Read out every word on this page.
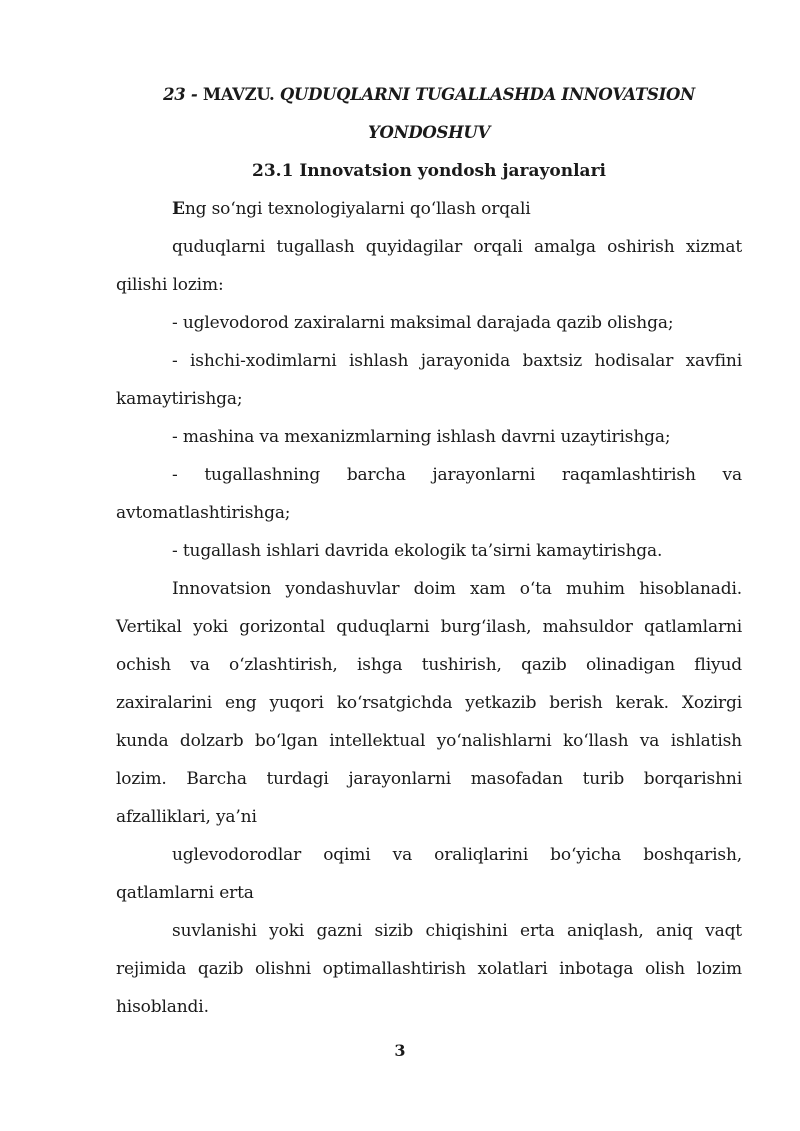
23 - MAVZU. QUDUQLARNI TUGALLASHDA INNOVATSION
YONDOSHUV
23.1 Innovatsion yondosh jarayonlari

Eng so‘ngi texnologiyalarni qo‘llash orqali

quduqlarni tugallash quyidagilar orqali amalga oshirish xizmat qilishi lozim:

- uglevodorod zaxiralarni maksimal darajada qazib olishga;

- ishchi-xodimlarni ishlash jarayonida baxtsiz hodisalar xavfini kamaytirishga;

- mashina va mexanizmlarning ishlash davrni uzaytirishga;

- tugallashning barcha jarayonlarni raqamlashtirish va avtomatlashtirishga;

- tugallash ishlari davrida ekologik ta’sirni kamaytirishga.

Innovatsion yondashuvlar doim xam o‘ta muhim hisoblanadi. Vertikal yoki gorizontal quduqlarni burg‘ilash, mahsuldor qatlamlarni ochish va o‘zlashtirish, ishga tushirish, qazib olinadigan fliyud zaxiralarini eng yuqori ko‘rsatgichda yetkazib berish kerak. Xozirgi kunda dolzarb bo‘lgan intellektual yo‘nalishlarni ko‘llash va ishlatish lozim. Barcha turdagi jarayonlarni masofadan turib borqarishni afzalliklari, ya’ni

uglevodorodlar oqimi va oraliqlarini bo‘yicha boshqarish, qatlamlarni erta

suvlanishi yoki gazni sizib chiqishini erta aniqlash, aniq vaqt rejimida qazib olishni optimallashtirish xolatlari inbotaga olish lozim hisoblandi.

3
